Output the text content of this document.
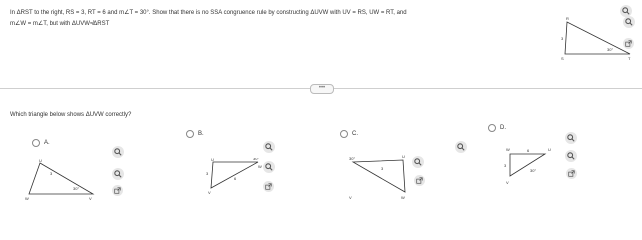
In ΔRST to the right, RS = 3, RT = 6 and m∠T = 30°. Show that there is no SSA congruence rule by constructing ΔUVW with UV = RS, UW = RT, and
m∠W = m∠T, but with ΔUVW≉ΔRST
R
S	T
3
30°
•••
Which triangle below shows ΔUVW correctly?
A.
U
W	V
3
30°
B.
U
V
W
3
6
30°
C.
30°	U
V	W
3
D.
W	U
V
6
3
30°
